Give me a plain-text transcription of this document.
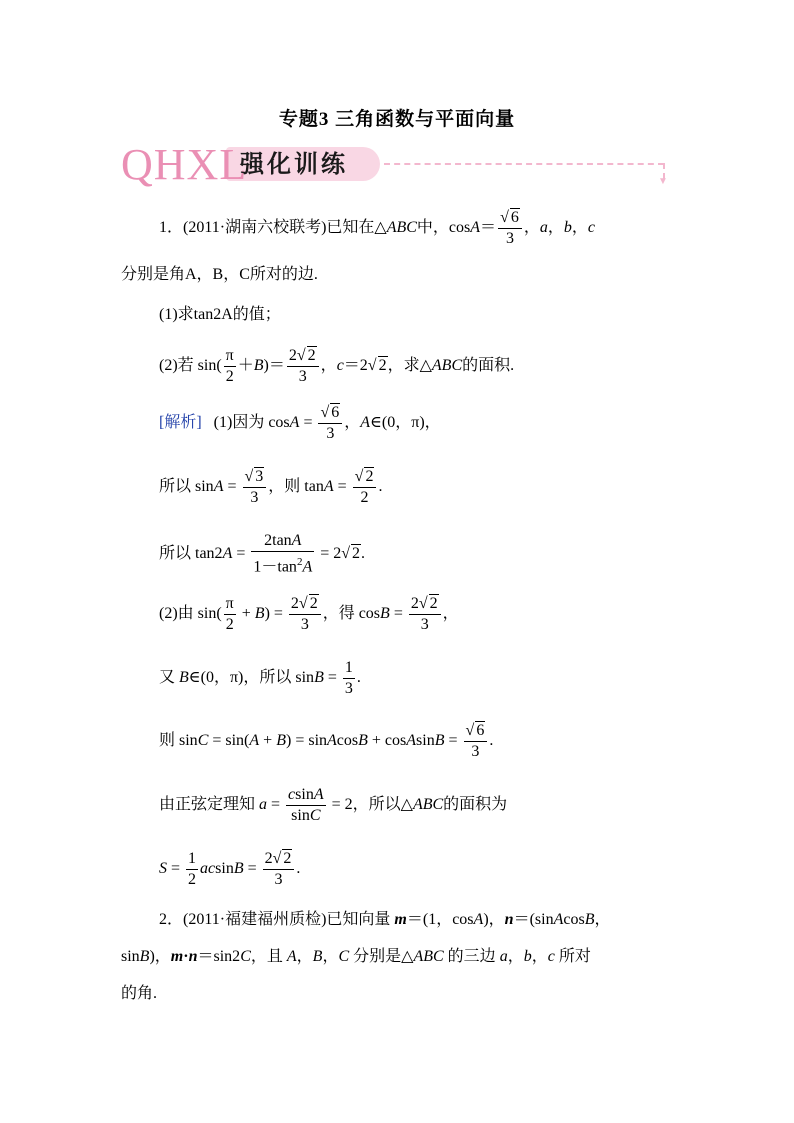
专题3 三角函数与平面向量
QHXL
强化训练
▼
1．(2011·湖南六校联考)已知在△ABC中，$\cos A= \frac{√ 6}{3}$ ，a，b，c
分别是角A，B，C所对的边.
(1)求tan2A的值；
(2)若 $\sin( \frac{\pi}{2} +B)= \frac{2√ 2}{3}$ ，c＝2√ 2，求△ABC的面积.
[解析]   (1)因为 $\cos A = \frac{√ 6}{3}$ ，A∈(0，π)，
所以 $\sin A = \frac{√ 3}{3}$ ，则 $\tan A = \frac{√ 2}{2}$ .
所以 $\tan 2A = \frac{2\tan A}{1-\tan^2A} = 2√$ 2.
(2)由 $\sin( \frac{\pi}{2} + B) = \frac{2√ 2}{3}$ ，得 $\cos B = \frac{2√ 2}{3}$ ，
又 B∈(0，π)，所以 $\sin B = \frac{1}{3}$ .
则 sinC = sin(A + B) = sinAcosB + cosAsinB = $\frac{√ 6}{3}$ .
由正弦定理知 $a = \frac{csinA}{\sin C} = 2$，所以△ABC的面积为
$S = \frac{1}{2}$ $acsinB = \frac{2√ 2}{3}$ .
2．(2011·福建福州质检)已知向量 m＝(1，cosA)，n＝(sinAcosB，
sinB)，m·n＝sin2C，且 A，B，C 分别是△ABC 的三边 a，b，c 所对
的角.
